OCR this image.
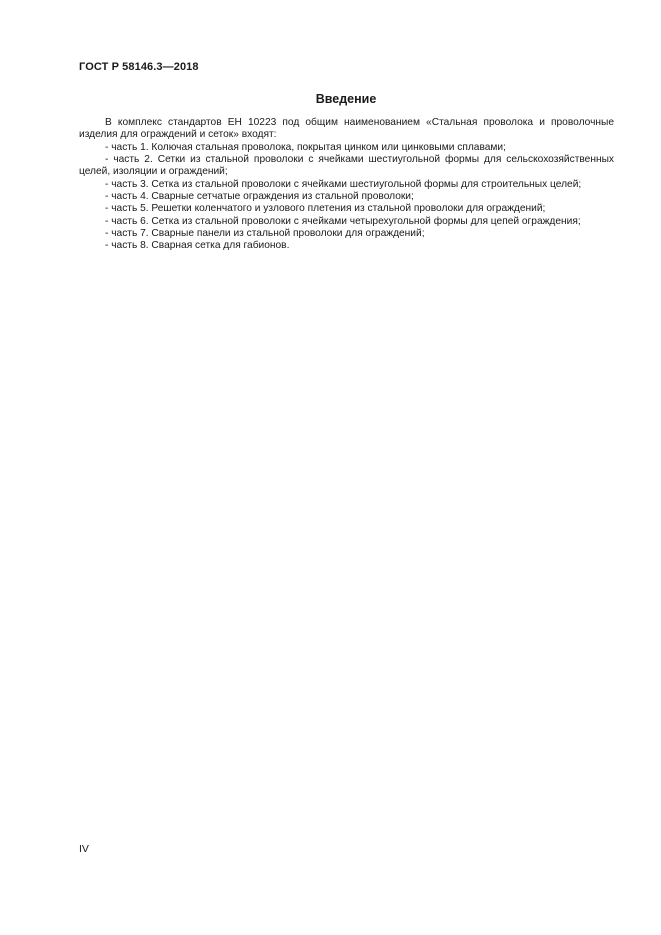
ГОСТ Р 58146.3—2018
Введение

В комплекс стандартов ЕН 10223 под общим наименованием «Стальная проволока и проволочные изделия для ограждений и сеток» входят:

- часть 1. Колючая стальная проволока, покрытая цинком или цинковыми сплавами;

- часть 2. Сетки из стальной проволоки с ячейками шестиугольной формы для сельскохозяйственных целей, изоляции и ограждений;

- часть 3. Сетка из стальной проволоки с ячейками шестиугольной формы для строительных целей;

- часть 4. Сварные сетчатые ограждения из стальной проволоки;

- часть 5. Решетки коленчатого и узлового плетения из стальной проволоки для ограждений;

- часть 6. Сетка из стальной проволоки с ячейками четырехугольной формы для цепей ограждения;

- часть 7. Сварные панели из стальной проволоки для ограждений;

- часть 8. Сварная сетка для габионов.

IV
